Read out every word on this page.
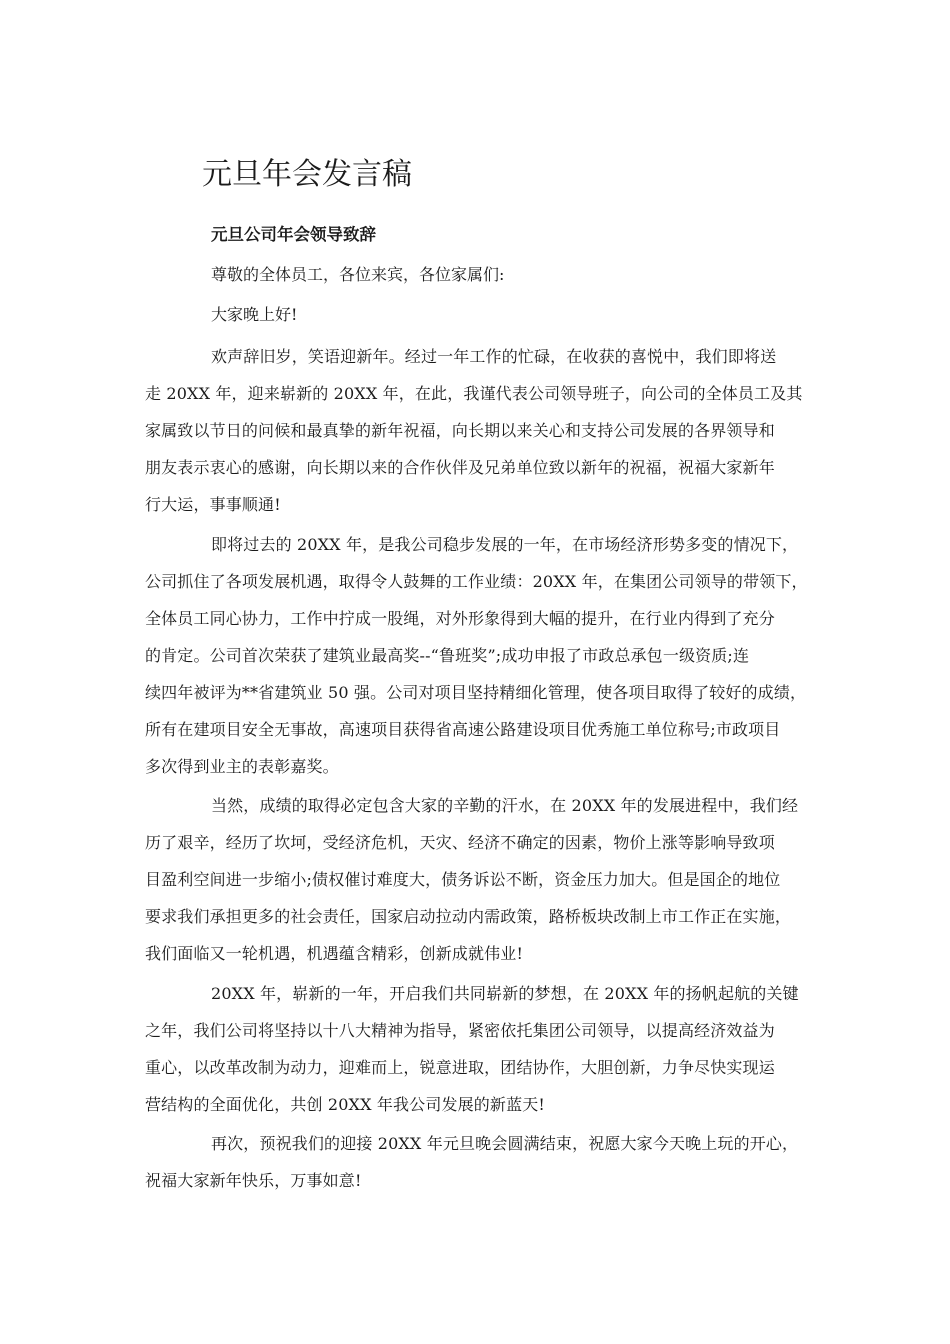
元旦年会发言稿

元旦公司年会领导致辞

尊敬的全体员工，各位来宾，各位家属们:

大家晚上好!

欢声辞旧岁，笑语迎新年。经过一年工作的忙碌，在收获的喜悦中，我们即将送
走 20XX 年，迎来崭新的 20XX 年，在此，我谨代表公司领导班子，向公司的全体员工及其
家属致以节日的问候和最真挚的新年祝福，向长期以来关心和支持公司发展的各界领导和
朋友表示衷心的感谢，向长期以来的合作伙伴及兄弟单位致以新年的祝福，祝福大家新年
行大运，事事顺通!
即将过去的 20XX 年，是我公司稳步发展的一年，在市场经济形势多变的情况下，
公司抓住了各项发展机遇，取得令人鼓舞的工作业绩：20XX 年，在集团公司领导的带领下，
全体员工同心协力，工作中拧成一股绳，对外形象得到大幅的提升，在行业内得到了充分
的肯定。公司首次荣获了建筑业最高奖--“鲁班奖”;成功申报了市政总承包一级资质;连
续四年被评为**省建筑业 50 强。公司对项目坚持精细化管理，使各项目取得了较好的成绩，
所有在建项目安全无事故，高速项目获得省高速公路建设项目优秀施工单位称号;市政项目
多次得到业主的表彰嘉奖。
当然，成绩的取得必定包含大家的辛勤的汗水，在 20XX 年的发展进程中，我们经
历了艰辛，经历了坎坷，受经济危机，天灾、经济不确定的因素，物价上涨等影响导致项
目盈利空间进一步缩小;债权催讨难度大，债务诉讼不断，资金压力加大。但是国企的地位
要求我们承担更多的社会责任，国家启动拉动内需政策，路桥板块改制上市工作正在实施，
我们面临又一轮机遇，机遇蕴含精彩，创新成就伟业!
20XX 年，崭新的一年，开启我们共同崭新的梦想，在 20XX 年的扬帆起航的关键
之年，我们公司将坚持以十八大精神为指导，紧密依托集团公司领导，以提高经济效益为
重心，以改革改制为动力，迎难而上，锐意进取，团结协作，大胆创新，力争尽快实现运
营结构的全面优化，共创 20XX 年我公司发展的新蓝天!
再次，预祝我们的迎接 20XX 年元旦晚会圆满结束，祝愿大家今天晚上玩的开心，
祝福大家新年快乐，万事如意!
